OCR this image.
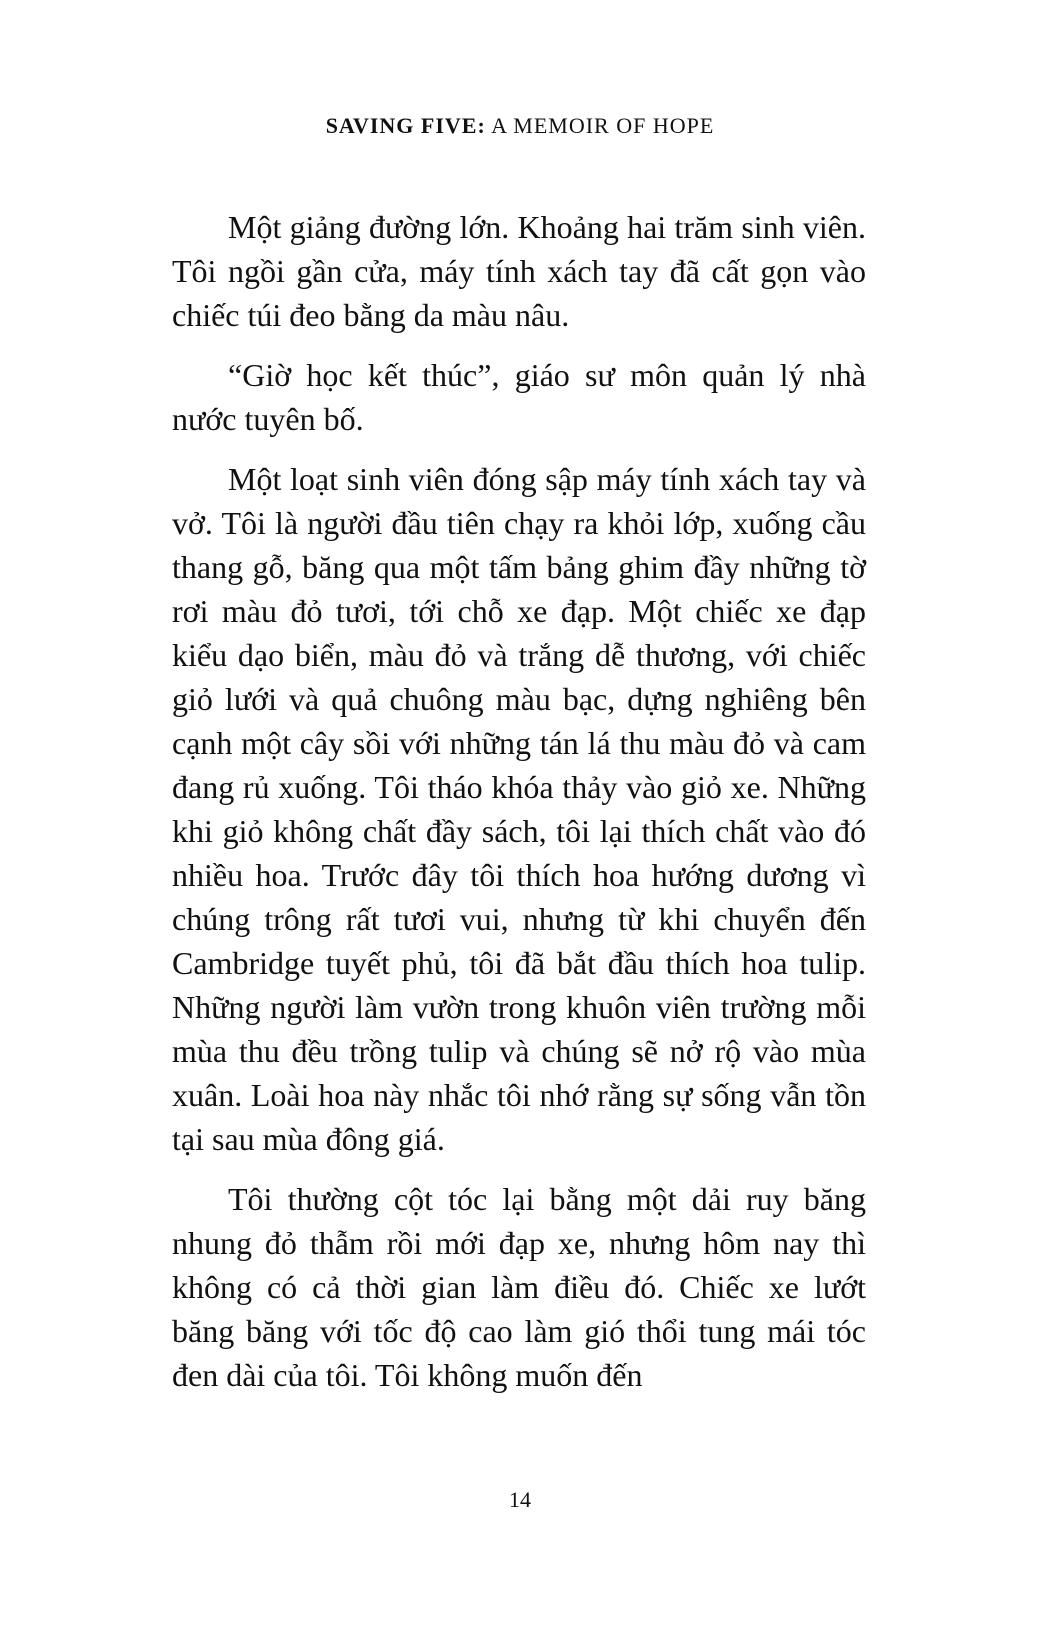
SAVING FIVE: A MEMOIR OF HOPE

Một giảng đường lớn. Khoảng hai trăm sinh viên. Tôi ngồi gần cửa, máy tính xách tay đã cất gọn vào chiếc túi đeo bằng da màu nâu.

“Giờ học kết thúc”, giáo sư môn quản lý nhà nước tuyên bố.

Một loạt sinh viên đóng sập máy tính xách tay và vở. Tôi là người đầu tiên chạy ra khỏi lớp, xuống cầu thang gỗ, băng qua một tấm bảng ghim đầy những tờ rơi màu đỏ tươi, tới chỗ xe đạp. Một chiếc xe đạp kiểu dạo biển, màu đỏ và trắng dễ thương, với chiếc giỏ lưới và quả chuông màu bạc, dựng nghiêng bên cạnh một cây sồi với những tán lá thu màu đỏ và cam đang rủ xuống. Tôi tháo khóa thảy vào giỏ xe. Những khi giỏ không chất đầy sách, tôi lại thích chất vào đó nhiều hoa. Trước đây tôi thích hoa hướng dương vì chúng trông rất tươi vui, nhưng từ khi chuyển đến Cambridge tuyết phủ, tôi đã bắt đầu thích hoa tulip. Những người làm vườn trong khuôn viên trường mỗi mùa thu đều trồng tulip và chúng sẽ nở rộ vào mùa xuân. Loài hoa này nhắc tôi nhớ rằng sự sống vẫn tồn tại sau mùa đông giá.

Tôi thường cột tóc lại bằng một dải ruy băng nhung đỏ thẫm rồi mới đạp xe, nhưng hôm nay thì không có cả thời gian làm điều đó. Chiếc xe lướt băng băng với tốc độ cao làm gió thổi tung mái tóc đen dài của tôi. Tôi không muốn đến

14
